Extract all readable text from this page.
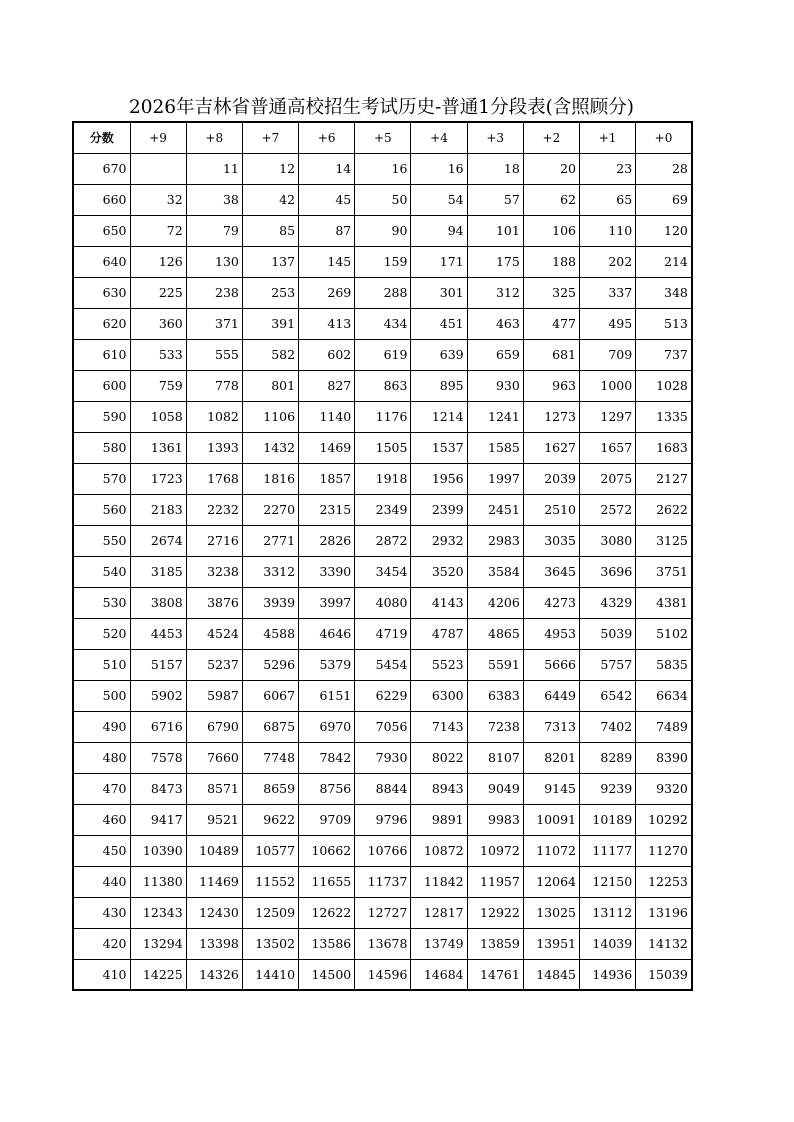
2026年吉林省普通高校招生考试历史-普通1分段表(含照顾分)
分数	+9	+8	+7	+6	+5	+4	+3	+2	+1	+0
670		11	12	14	16	16	18	20	23	28
660	32	38	42	45	50	54	57	62	65	69
650	72	79	85	87	90	94	101	106	110	120
640	126	130	137	145	159	171	175	188	202	214
630	225	238	253	269	288	301	312	325	337	348
620	360	371	391	413	434	451	463	477	495	513
610	533	555	582	602	619	639	659	681	709	737
600	759	778	801	827	863	895	930	963	1000	1028
590	1058	1082	1106	1140	1176	1214	1241	1273	1297	1335
580	1361	1393	1432	1469	1505	1537	1585	1627	1657	1683
570	1723	1768	1816	1857	1918	1956	1997	2039	2075	2127
560	2183	2232	2270	2315	2349	2399	2451	2510	2572	2622
550	2674	2716	2771	2826	2872	2932	2983	3035	3080	3125
540	3185	3238	3312	3390	3454	3520	3584	3645	3696	3751
530	3808	3876	3939	3997	4080	4143	4206	4273	4329	4381
520	4453	4524	4588	4646	4719	4787	4865	4953	5039	5102
510	5157	5237	5296	5379	5454	5523	5591	5666	5757	5835
500	5902	5987	6067	6151	6229	6300	6383	6449	6542	6634
490	6716	6790	6875	6970	7056	7143	7238	7313	7402	7489
480	7578	7660	7748	7842	7930	8022	8107	8201	8289	8390
470	8473	8571	8659	8756	8844	8943	9049	9145	9239	9320
460	9417	9521	9622	9709	9796	9891	9983	10091	10189	10292
450	10390	10489	10577	10662	10766	10872	10972	11072	11177	11270
440	11380	11469	11552	11655	11737	11842	11957	12064	12150	12253
430	12343	12430	12509	12622	12727	12817	12922	13025	13112	13196
420	13294	13398	13502	13586	13678	13749	13859	13951	14039	14132
410	14225	14326	14410	14500	14596	14684	14761	14845	14936	15039
